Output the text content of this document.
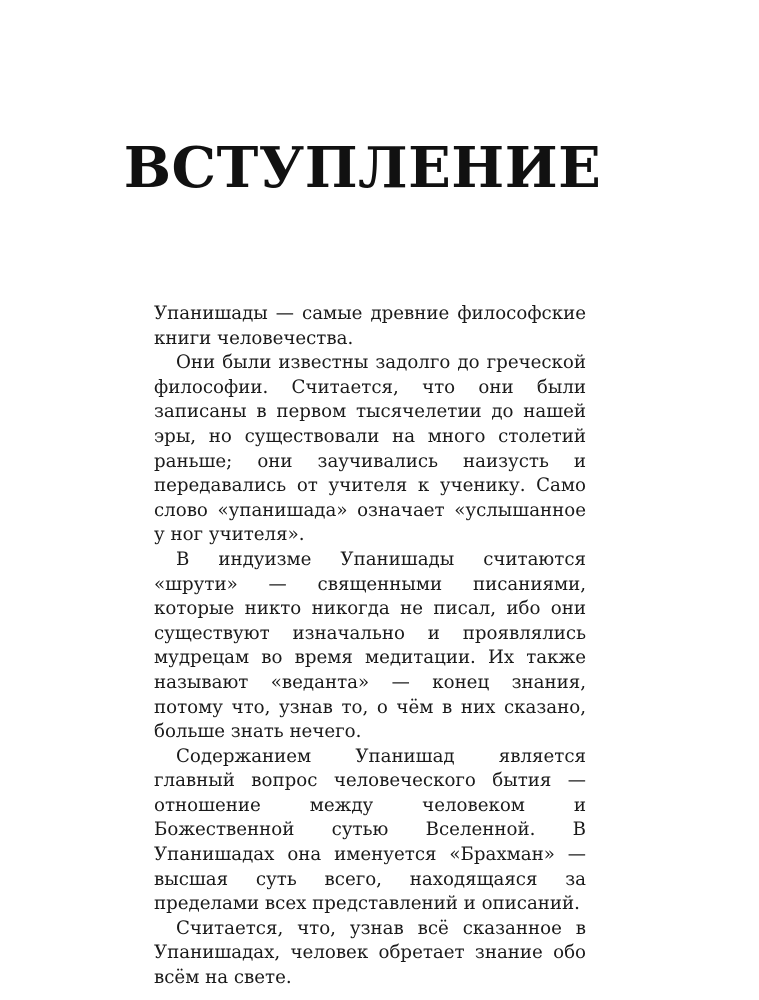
ВСТУПЛЕНИЕ

Упанишады — самые древние философские книги человечества.

Они были известны задолго до греческой философии. Считается, что они были записаны в первом тысячелетии до нашей эры, но существовали на много столетий раньше; они заучивались наизусть и передавались от учителя к ученику. Само слово «упанишада» означает «услышанное у ног учителя».

В индуизме Упанишады считаются «шрути» — священными писаниями, которые никто никогда не писал, ибо они существуют изначально и проявлялись мудрецам во время медитации. Их также называют «веданта» — конец знания, потому что, узнав то, о чём в них сказано, больше знать нечего.

Содержанием Упанишад является главный вопрос человеческого бытия — отношение между человеком и Божественной сутью Вселенной. В Упанишадах она именуется «Брахман» — высшая суть всего, находящаяся за пределами всех представлений и описаний.

Считается, что, узнав всё сказанное в Упанишадах, человек обретает знание обо всём на свете.
